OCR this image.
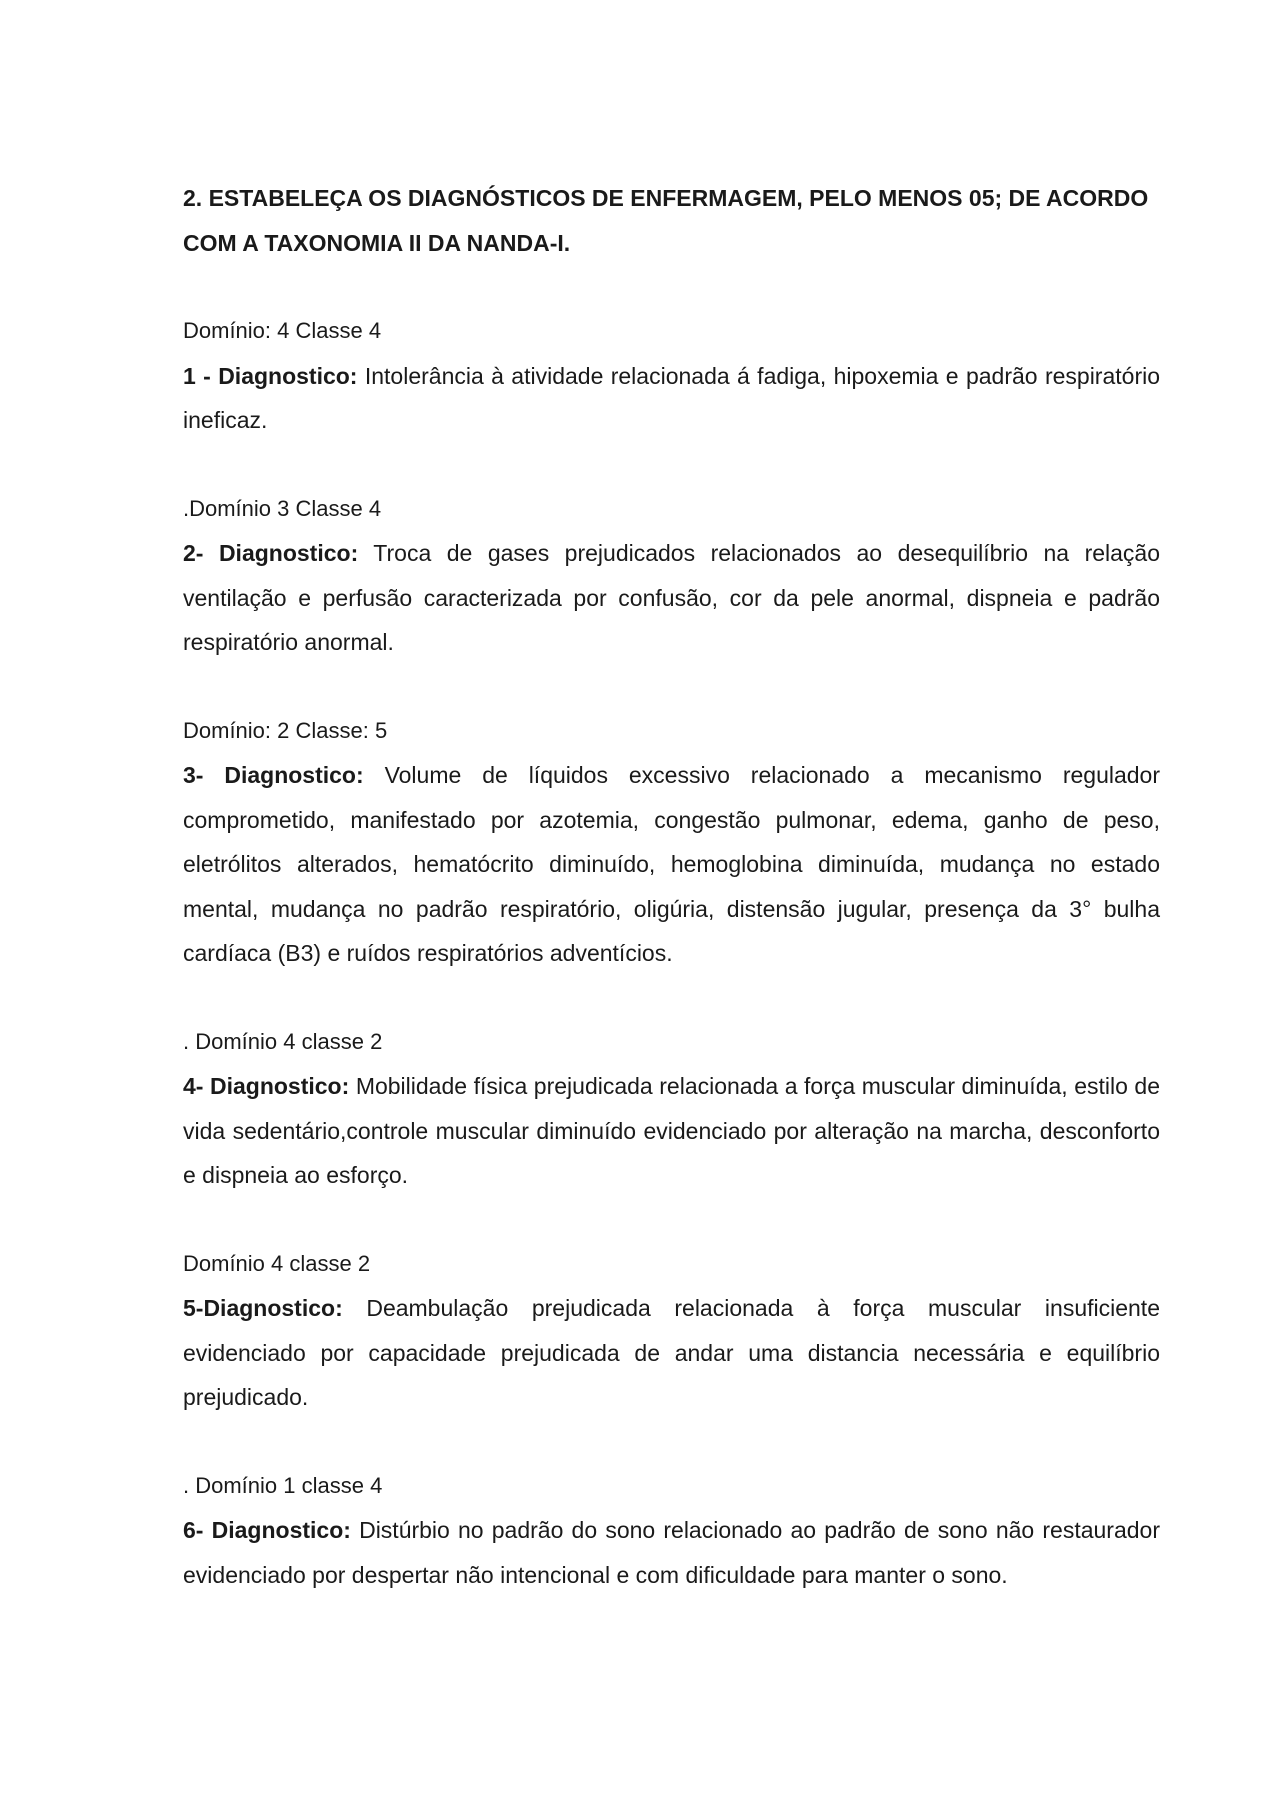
2. ESTABELEÇA OS DIAGNÓSTICOS DE ENFERMAGEM, PELO MENOS 05; DE ACORDO COM A TAXONOMIA II DA NANDA-I.

Domínio: 4 Classe 4

1 - Diagnostico: Intolerância à atividade relacionada á fadiga, hipoxemia e padrão respiratório ineficaz.

.Domínio 3 Classe 4

2- Diagnostico: Troca de gases prejudicados relacionados ao desequilíbrio na relação ventilação e perfusão caracterizada por confusão, cor da pele anormal, dispneia e padrão respiratório anormal.

Domínio: 2 Classe: 5

3- Diagnostico: Volume de líquidos excessivo relacionado a mecanismo regulador comprometido, manifestado por azotemia, congestão pulmonar, edema, ganho de peso, eletrólitos alterados, hematócrito diminuído, hemoglobina diminuída, mudança no estado mental, mudança no padrão respiratório, oligúria, distensão jugular, presença da 3° bulha cardíaca (B3) e ruídos respiratórios adventícios.

. Domínio 4 classe 2

4- Diagnostico: Mobilidade física prejudicada relacionada a força muscular diminuída, estilo de vida sedentário,controle muscular diminuído evidenciado por alteração na marcha, desconforto e dispneia ao esforço.

Domínio 4 classe 2

5-Diagnostico: Deambulação prejudicada relacionada à força muscular insuficiente evidenciado por capacidade prejudicada de andar uma distancia necessária e equilíbrio prejudicado.

. Domínio 1 classe 4

6- Diagnostico: Distúrbio no padrão do sono relacionado ao padrão de sono não restaurador evidenciado por despertar não intencional e com dificuldade para manter o sono.
